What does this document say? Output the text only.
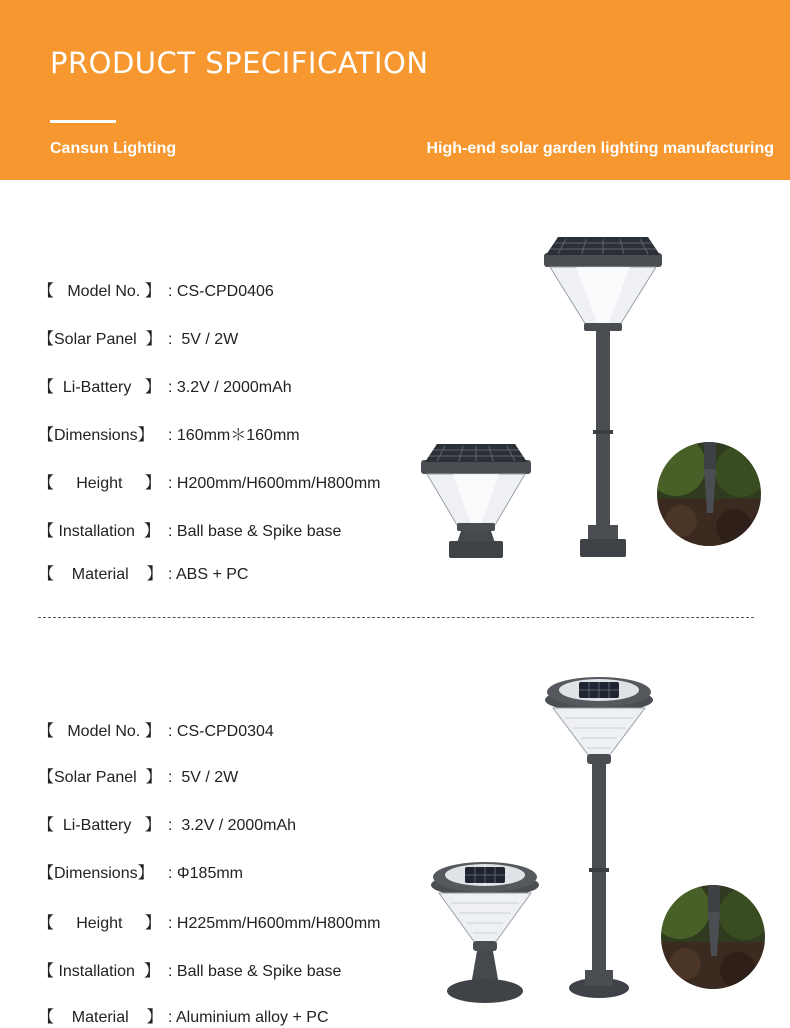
PRODUCT SPECIFICATION
Cansun Lighting	High-end solar garden lighting manufacturing
【   Model No. 】 : CS-CPD0406
【Solar Panel  】 :  5V / 2W
【  Li-Battery   】 : 3.2V / 2000mAh
【Dimensions】 : 160mm＊160mm
【     Height     】 : H200mm/H600mm/H800mm
【 Installation  】 : Ball base & Spike base
【    Material    】 : ABS + PC
【   Model No. 】 : CS-CPD0304
【Solar Panel  】 :  5V / 2W
【  Li-Battery   】 :  3.2V / 2000mAh
【Dimensions】 : Φ185mm
【     Height     】 : H225mm/H600mm/H800mm
【 Installation  】 : Ball base & Spike base
【    Material    】 : Aluminium alloy + PC
